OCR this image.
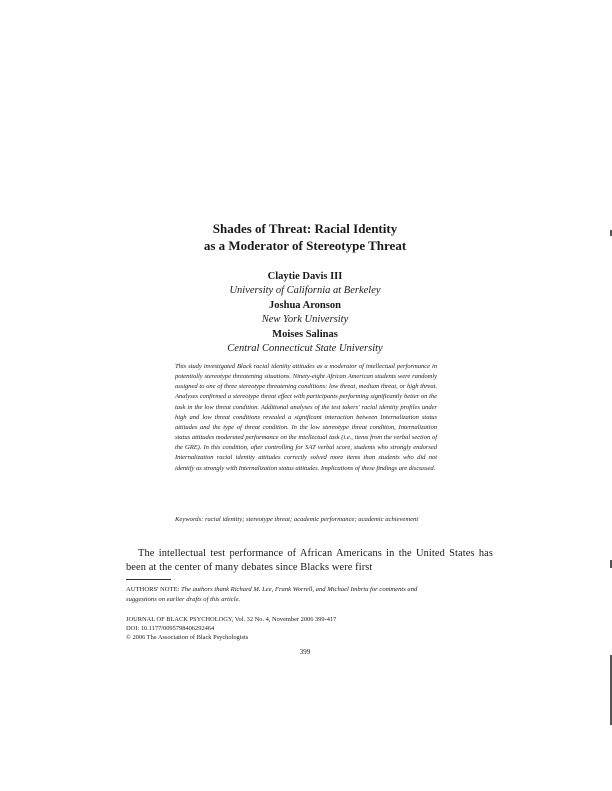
Shades of Threat: Racial Identity
as a Moderator of Stereotype Threat
Claytie Davis III
University of California at Berkeley
Joshua Aronson
New York University
Moises Salinas
Central Connecticut State University
This study investigated Black racial identity attitudes as a moderator of intellectual performance in potentially stereotype threatening situations. Ninety-eight African American students were randomly assigned to one of three stereotype threatening conditions: low threat, medium threat, or high threat. Analyses confirmed a stereotype threat effect with participants performing significantly better on the task in the low threat condition. Additional analyses of the test takers' racial identity profiles under high and low threat conditions revealed a significant interaction between Internalization status attitudes and the type of threat condition. In the low stereotype threat condition, Internalization status attitudes moderated performance on the intellectual task (i.e., items from the verbal section of the GRE). In this condition, after controlling for SAT verbal score, students who strongly endorsed Internalization racial identity attitudes correctly solved more items than students who did not identify as strongly with Internalization status attitudes. Implications of these findings are discussed.
Keywords: racial identity; stereotype threat; academic performance; academic achievement
The intellectual test performance of African Americans in the United States has been at the center of many debates since Blacks were first
AUTHORS' NOTE: The authors thank Richard M. Lee, Frank Worrell, and Michael Imbriu for comments and suggestions on earlier drafts of this article.
JOURNAL OF BLACK PSYCHOLOGY, Vol. 32 No. 4, November 2006 399-417
DOI: 10.1177/0095798406292464
© 2006 The Association of Black Psychologists
399
